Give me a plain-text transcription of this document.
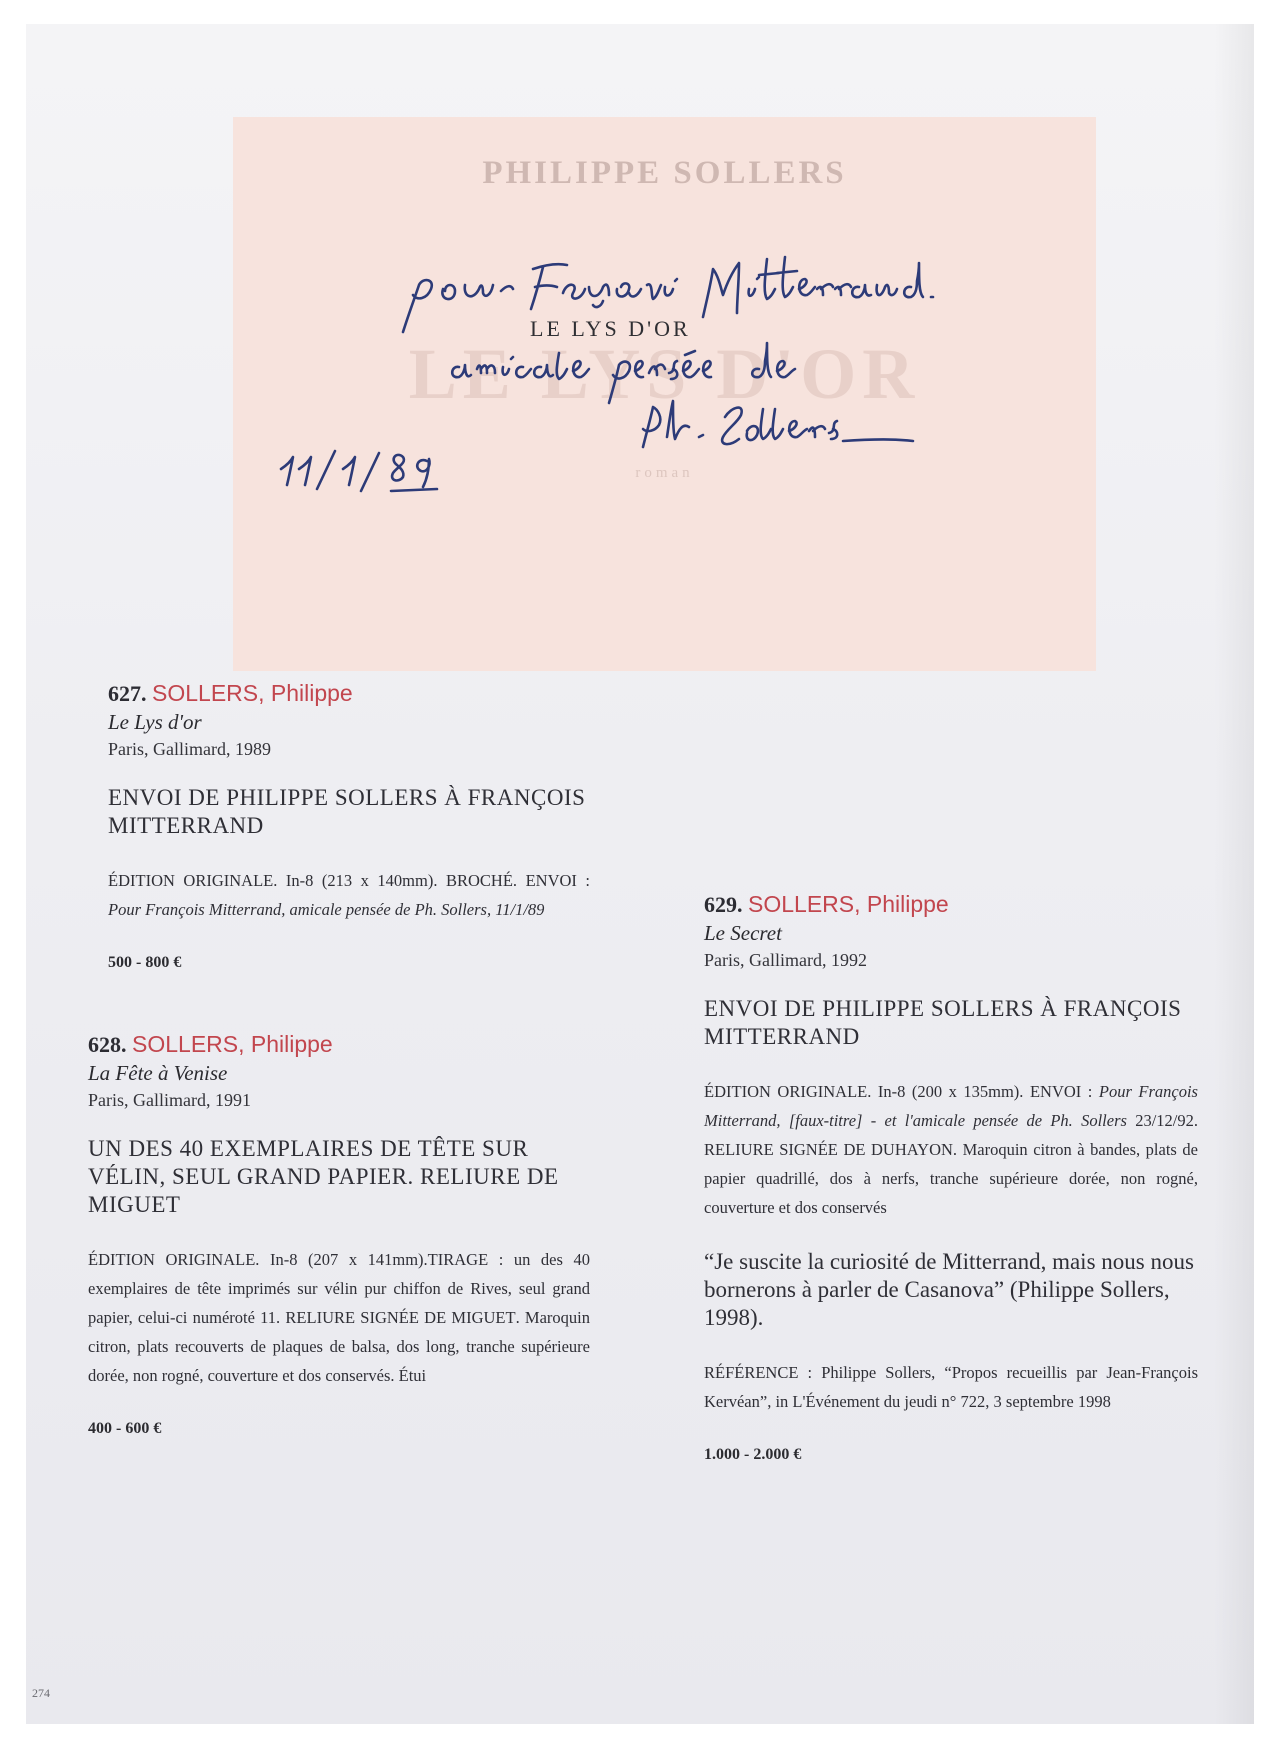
PHILIPPE SOLLERS
LE LYS D'OR
roman
LE LYS D'OR
627. SOLLERS, Philippe
Le Lys d'or
Paris, Gallimard, 1989
ENVOI DE PHILIPPE SOLLERS À FRANÇOIS MITTERRAND
ÉDITION ORIGINALE. In-8 (213 x 140mm). BROCHÉ. ENVOI : Pour François Mitterrand, amicale pensée de Ph. Sollers, 11/1/89
500 - 800 €
628. SOLLERS, Philippe
La Fête à Venise
Paris, Gallimard, 1991
UN DES 40 EXEMPLAIRES DE TÊTE SUR VÉLIN, SEUL GRAND PAPIER. RELIURE DE MIGUET
ÉDITION ORIGINALE. In-8 (207 x 141mm).TIRAGE : un des 40 exemplaires de tête imprimés sur vélin pur chiffon de Rives, seul grand papier, celui-ci numéroté 11. RELIURE SIGNÉE DE MIGUET. Maroquin citron, plats recouverts de plaques de balsa, dos long, tranche supérieure dorée, non rogné, couverture et dos conservés. Étui
400 - 600 €
629. SOLLERS, Philippe
Le Secret
Paris, Gallimard, 1992
ENVOI DE PHILIPPE SOLLERS À FRANÇOIS MITTERRAND
ÉDITION ORIGINALE. In-8 (200 x 135mm). ENVOI : Pour François Mitterrand, [faux-titre] - et l'amicale pensée de Ph. Sollers 23/12/92. RELIURE SIGNÉE DE DUHAYON. Maroquin citron à bandes, plats de papier quadrillé, dos à nerfs, tranche supérieure dorée, non rogné, couverture et dos conservés
“Je suscite la curiosité de Mitterrand, mais nous nous bornerons à parler de Casanova” (Philippe Sollers, 1998).
RÉFÉRENCE : Philippe Sollers, “Propos recueillis par Jean-François Kervéan”, in L'Événement du jeudi n° 722, 3 septembre 1998
1.000 - 2.000 €
274
